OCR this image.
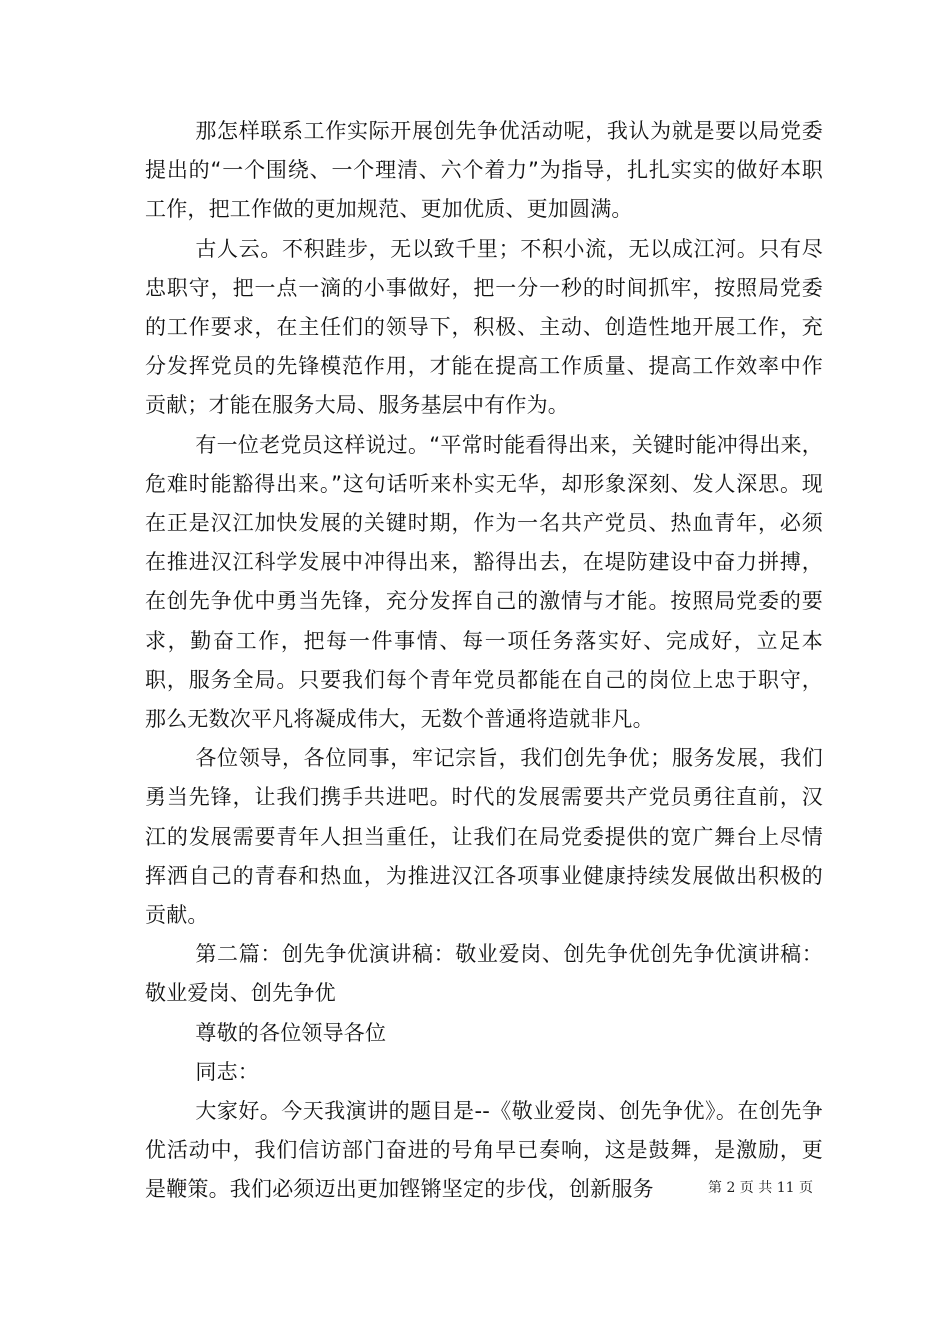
那怎样联系工作实际开展创先争优活动呢，我认为就是要以局党委提出的“一个围绕、一个理清、六个着力”为指导，扎扎实实的做好本职工作，把工作做的更加规范、更加优质、更加圆满。

古人云。不积跬步，无以致千里；不积小流，无以成江河。只有尽忠职守，把一点一滴的小事做好，把一分一秒的时间抓牢，按照局党委的工作要求，在主任们的领导下，积极、主动、创造性地开展工作，充分发挥党员的先锋模范作用，才能在提高工作质量、提高工作效率中作贡献；才能在服务大局、服务基层中有作为。

有一位老党员这样说过。“平常时能看得出来，关键时能冲得出来，危难时能豁得出来。”这句话听来朴实无华，却形象深刻、发人深思。现在正是汉江加快发展的关键时期，作为一名共产党员、热血青年，必须在推进汉江科学发展中冲得出来，豁得出去，在堤防建设中奋力拼搏，在创先争优中勇当先锋，充分发挥自己的激情与才能。按照局党委的要求，勤奋工作，把每一件事情、每一项任务落实好、完成好，立足本职，服务全局。只要我们每个青年党员都能在自己的岗位上忠于职守，那么无数次平凡将凝成伟大，无数个普通将造就非凡。

各位领导，各位同事，牢记宗旨，我们创先争优；服务发展，我们勇当先锋，让我们携手共进吧。时代的发展需要共产党员勇往直前，汉江的发展需要青年人担当重任，让我们在局党委提供的宽广舞台上尽情挥洒自己的青春和热血，为推进汉江各项事业健康持续发展做出积极的贡献。

第二篇：创先争优演讲稿：敬业爱岗、创先争优创先争优演讲稿：敬业爱岗、创先争优

尊敬的各位领导各位

同志：

大家好。今天我演讲的题目是--《敬业爱岗、创先争优》。在创先争优活动中，我们信访部门奋进的号角早已奏响，这是鼓舞，是激励，更是鞭策。我们必须迈出更加铿锵坚定的步伐，创新服务	第 2 页 共 11 页
